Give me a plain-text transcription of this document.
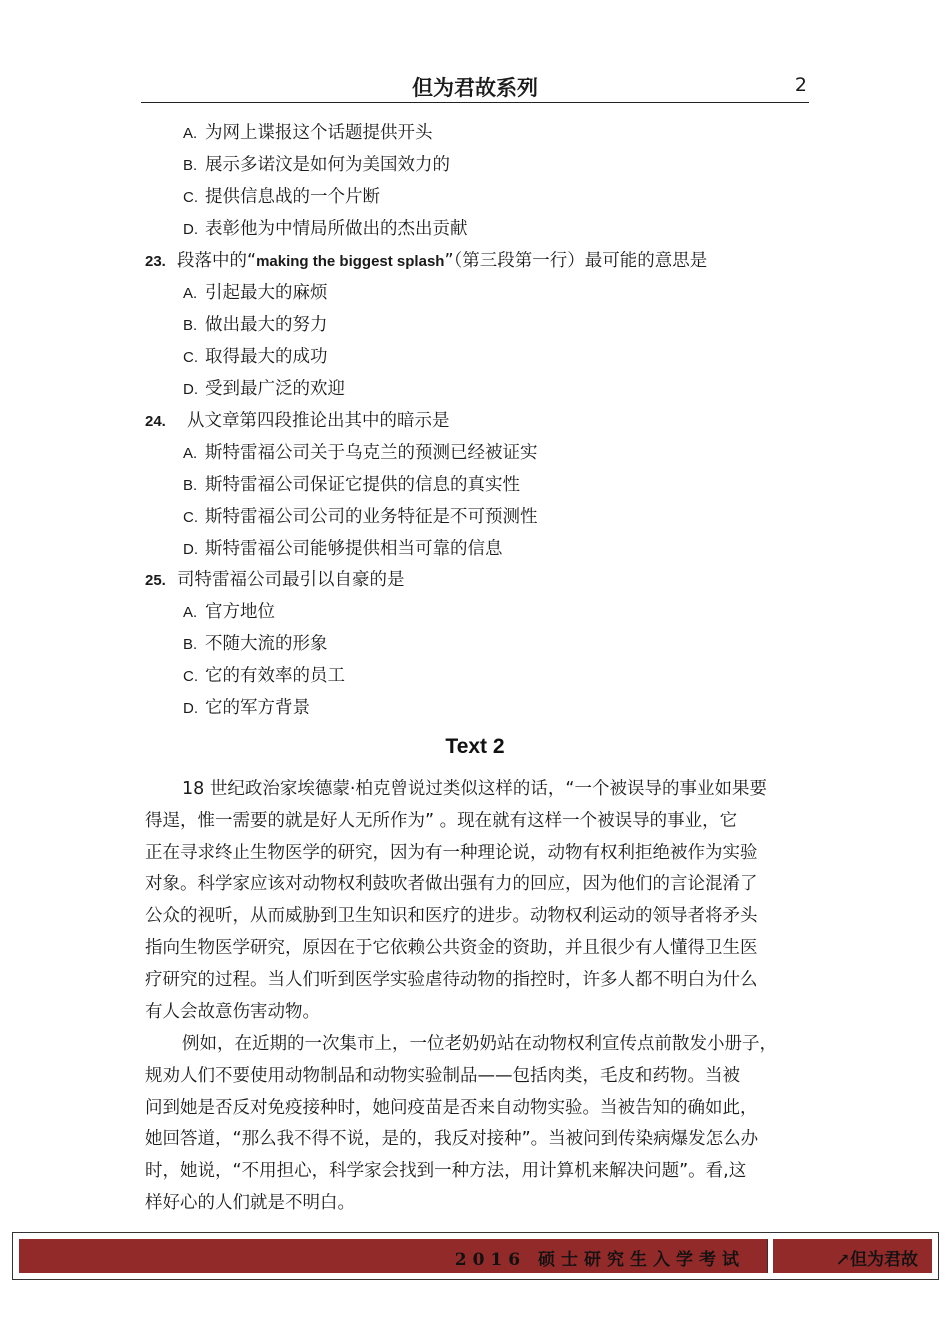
但为君故系列	2
A. 为网上谍报这个话题提供开头
B. 展示多诺汶是如何为美国效力的
C. 提供信息战的一个片断
D. 表彰他为中情局所做出的杰出贡献
23. 段落中的“making the biggest splash”（第三段第一行）最可能的意思是
A. 引起最大的麻烦
B. 做出最大的努力
C. 取得最大的成功
D. 受到最广泛的欢迎
24. 从文章第四段推论出其中的暗示是
A. 斯特雷福公司关于乌克兰的预测已经被证实
B. 斯特雷福公司保证它提供的信息的真实性
C. 斯特雷福公司公司的业务特征是不可预测性
D. 斯特雷福公司能够提供相当可靠的信息
25. 司特雷福公司最引以自豪的是
A. 官方地位
B. 不随大流的形象
C. 它的有效率的员工
D. 它的军方背景
Text 2
18 世纪政治家埃德蒙·柏克曾说过类似这样的话，“一个被误导的事业如果要
得逞，惟一需要的就是好人无所作为” 。现在就有这样一个被误导的事业，它
正在寻求终止生物医学的研究，因为有一种理论说，动物有权利拒绝被作为实验
对象。科学家应该对动物权利鼓吹者做出强有力的回应，因为他们的言论混淆了
公众的视听，从而威胁到卫生知识和医疗的进步。动物权利运动的领导者将矛头
指向生物医学研究，原因在于它依赖公共资金的资助，并且很少有人懂得卫生医
疗研究的过程。当人们听到医学实验虐待动物的指控时，许多人都不明白为什么
有人会故意伤害动物。
例如，在近期的一次集市上，一位老奶奶站在动物权利宣传点前散发小册子，
规劝人们不要使用动物制品和动物实验制品——包括肉类，毛皮和药物。当被
问到她是否反对免疫接种时，她问疫苗是否来自动物实验。当被告知的确如此，
她回答道，“那么我不得不说，是的，我反对接种”。当被问到传染病爆发怎么办
时，她说，“不用担心，科学家会找到一种方法，用计算机来解决问题”。看,这
样好心的人们就是不明白。
2016 硕士研究生入学考试	↗但为君故
